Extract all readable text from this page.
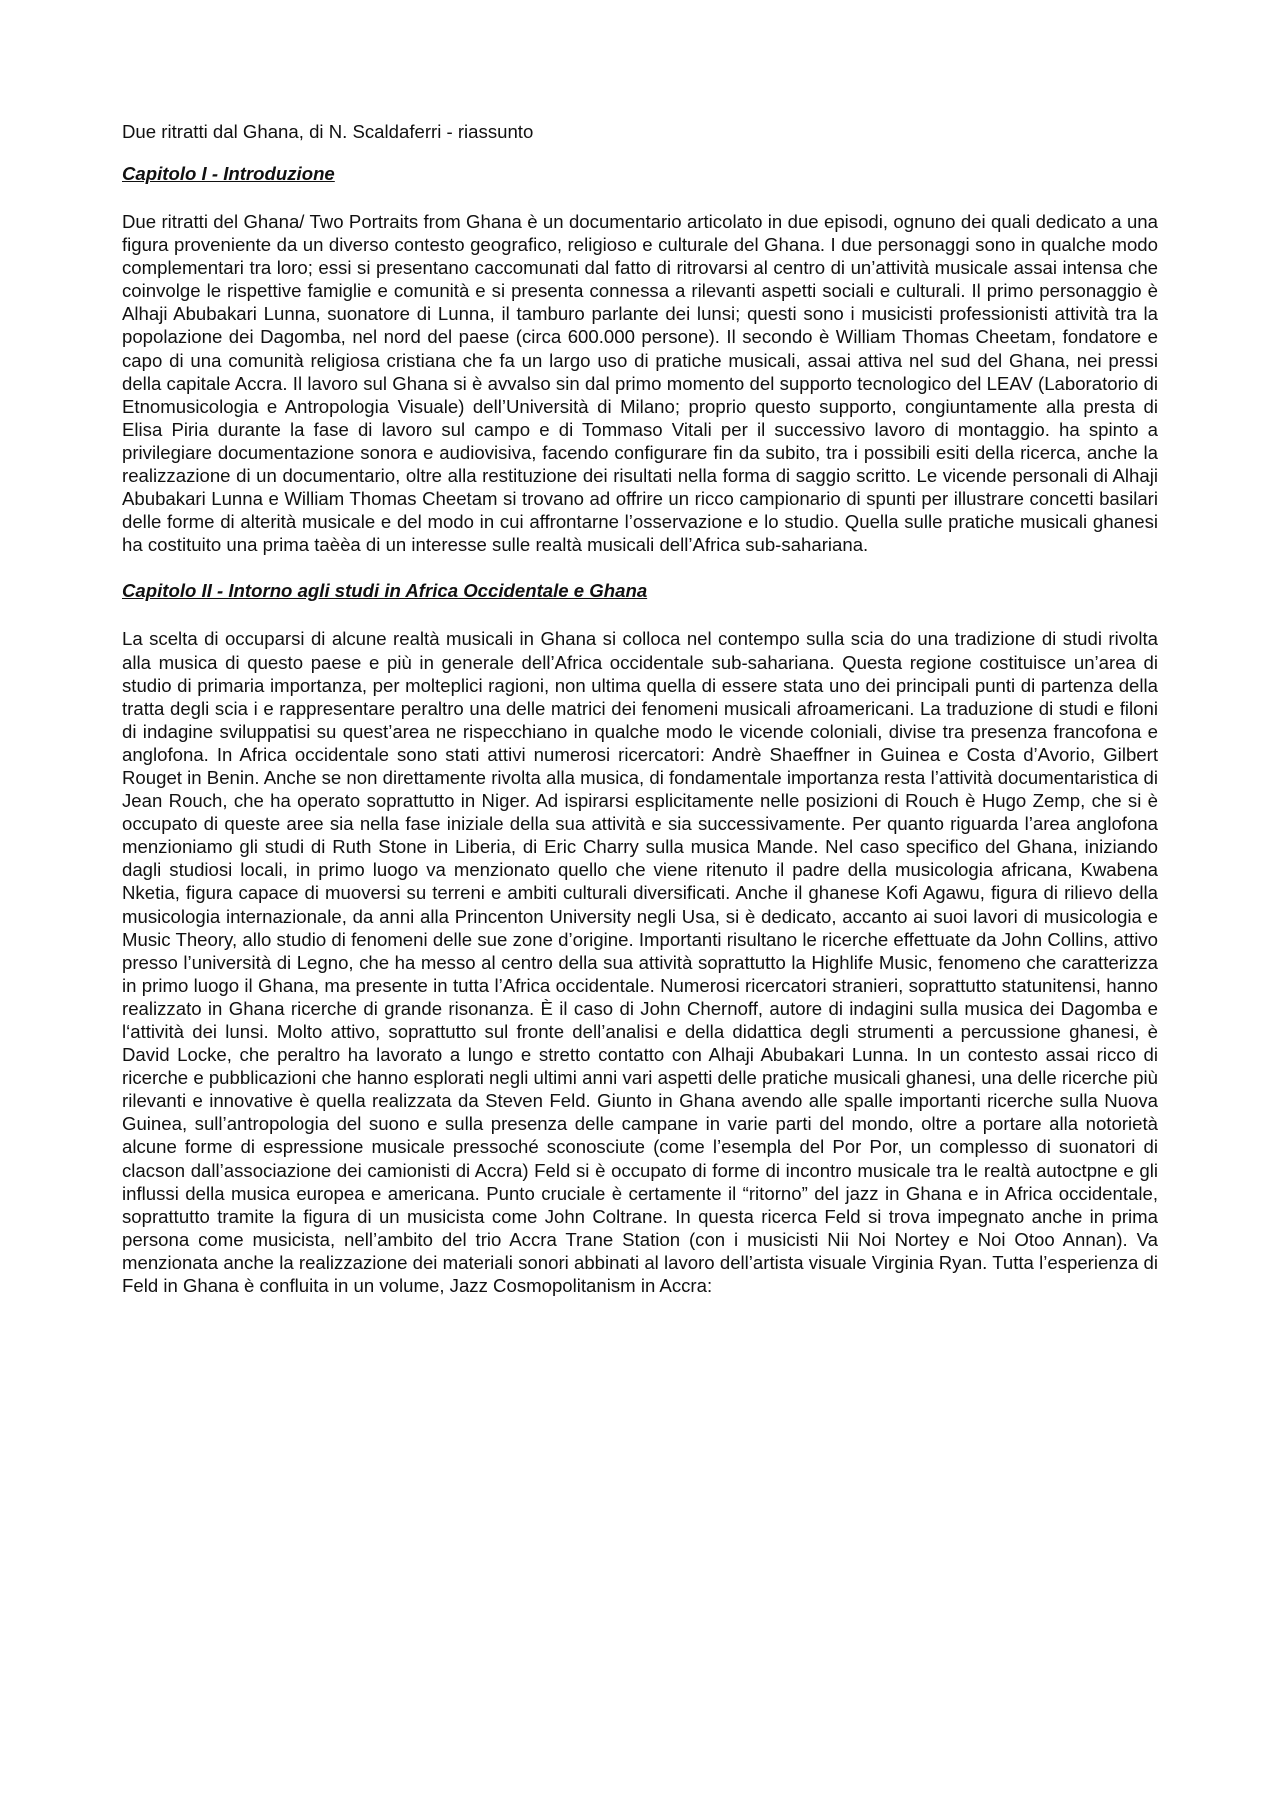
Due ritratti dal Ghana, di N. Scaldaferri - riassunto

Capitolo I - Introduzione

Due ritratti del Ghana/ Two Portraits from Ghana è un documentario articolato in due episodi, ognuno dei quali dedicato a una figura proveniente da un diverso contesto geografico, religioso e culturale del Ghana. I due personaggi sono in qualche modo complementari tra loro; essi si presentano caccomunati dal fatto di ritrovarsi al centro di un’attività musicale assai intensa che coinvolge le rispettive famiglie e comunità e si presenta connessa a rilevanti aspetti sociali e culturali. Il primo personaggio è Alhaji Abubakari Lunna, suonatore di Lunna, il tamburo parlante dei lunsi; questi sono i musicisti professionisti attività tra la popolazione dei Dagomba, nel nord del paese (circa 600.000 persone). Il secondo è William Thomas Cheetam, fondatore e capo di una comunità religiosa cristiana che fa un largo uso di pratiche musicali, assai attiva nel sud del Ghana, nei pressi della capitale Accra. Il lavoro sul Ghana si è avvalso sin dal primo momento del supporto tecnologico del LEAV (Laboratorio di Etnomusicologia e Antropologia Visuale) dell’Università di Milano; proprio questo supporto, congiuntamente alla presta di Elisa Piria durante la fase di lavoro sul campo e di Tommaso Vitali per il successivo lavoro di montaggio. ha spinto a privilegiare documentazione sonora e audiovisiva, facendo configurare fin da subito, tra i possibili esiti della ricerca, anche la realizzazione di un documentario, oltre alla restituzione dei risultati nella forma di saggio scritto. Le vicende personali di Alhaji Abubakari Lunna e William Thomas Cheetam si trovano ad offrire un ricco campionario di spunti per illustrare concetti basilari delle forme di alterità musicale e del modo in cui affrontarne l’osservazione e lo studio. Quella sulle pratiche musicali ghanesi ha costituito una prima taèèa di un interesse sulle realtà musicali dell’Africa sub-sahariana.

Capitolo II - Intorno agli studi in Africa Occidentale e Ghana

La scelta di occuparsi di alcune realtà musicali in Ghana si colloca nel contempo sulla scia do una tradizione di studi rivolta alla musica di questo paese e più in generale dell’Africa occidentale sub-sahariana. Questa regione costituisce un’area di studio di primaria importanza, per molteplici ragioni, non ultima quella di essere stata uno dei principali punti di partenza della tratta degli scia i e rappresentare peraltro una delle matrici dei fenomeni musicali afroamericani. La traduzione di studi e filoni di indagine sviluppatisi su quest’area ne rispecchiano in qualche modo le vicende coloniali, divise tra presenza francofona e anglofona. In Africa occidentale sono stati attivi numerosi ricercatori: Andrè Shaeffner in Guinea e Costa d’Avorio, Gilbert Rouget in Benin. Anche se non direttamente rivolta alla musica, di fondamentale importanza resta l’attività documentaristica di Jean Rouch, che ha operato soprattutto in Niger. Ad ispirarsi esplicitamente nelle posizioni di Rouch è Hugo Zemp, che si è occupato di queste aree sia nella fase iniziale della sua attività e sia successivamente. Per quanto riguarda l’area anglofona menzioniamo gli studi di Ruth Stone in Liberia, di Eric Charry sulla musica Mande. Nel caso specifico del Ghana, iniziando dagli studiosi locali, in primo luogo va menzionato quello che viene ritenuto il padre della musicologia africana, Kwabena Nketia, figura capace di muoversi su terreni e ambiti culturali diversificati. Anche il ghanese Kofi Agawu, figura di rilievo della musicologia internazionale, da anni alla Princenton University negli Usa, si è dedicato, accanto ai suoi lavori di musicologia e Music Theory, allo studio di fenomeni delle sue zone d’origine. Importanti risultano le ricerche effettuate da John Collins, attivo presso l’università di Legno, che ha messo al centro della sua attività soprattutto la Highlife Music, fenomeno che caratterizza in primo luogo il Ghana, ma presente in tutta l’Africa occidentale. Numerosi ricercatori stranieri, soprattutto statunitensi, hanno realizzato in Ghana ricerche di grande risonanza. È il caso di John Chernoff, autore di indagini sulla musica dei Dagomba e l‘attività dei lunsi. Molto attivo, soprattutto sul fronte dell’analisi e della didattica degli strumenti a percussione ghanesi, è David Locke, che peraltro ha lavorato a lungo e stretto contatto con Alhaji Abubakari Lunna. In un contesto assai ricco di ricerche e pubblicazioni che hanno esplorati negli ultimi anni vari aspetti delle pratiche musicali ghanesi, una delle ricerche più rilevanti e innovative è quella realizzata da Steven Feld. Giunto in Ghana avendo alle spalle importanti ricerche sulla Nuova Guinea, sull’antropologia del suono e sulla presenza delle campane in varie parti del mondo, oltre a portare alla notorietà alcune forme di espressione musicale pressoché sconosciute (come l’esempla del Por Por, un complesso di suonatori di clacson dall’associazione dei camionisti di Accra) Feld si è occupato di forme di incontro musicale tra le realtà autoctpne e gli influssi della musica europea e americana. Punto cruciale è certamente il “ritorno” del jazz in Ghana e in Africa occidentale, soprattutto tramite la figura di un musicista come John Coltrane. In questa ricerca Feld si trova impegnato anche in prima persona come musicista, nell’ambito del trio Accra Trane Station (con i musicisti Nii Noi Nortey e Noi Otoo Annan). Va menzionata anche la realizzazione dei materiali sonori abbinati al lavoro dell’artista visuale Virginia Ryan. Tutta l’esperienza di Feld in Ghana è confluita in un volume, Jazz Cosmopolitanism in Accra:
